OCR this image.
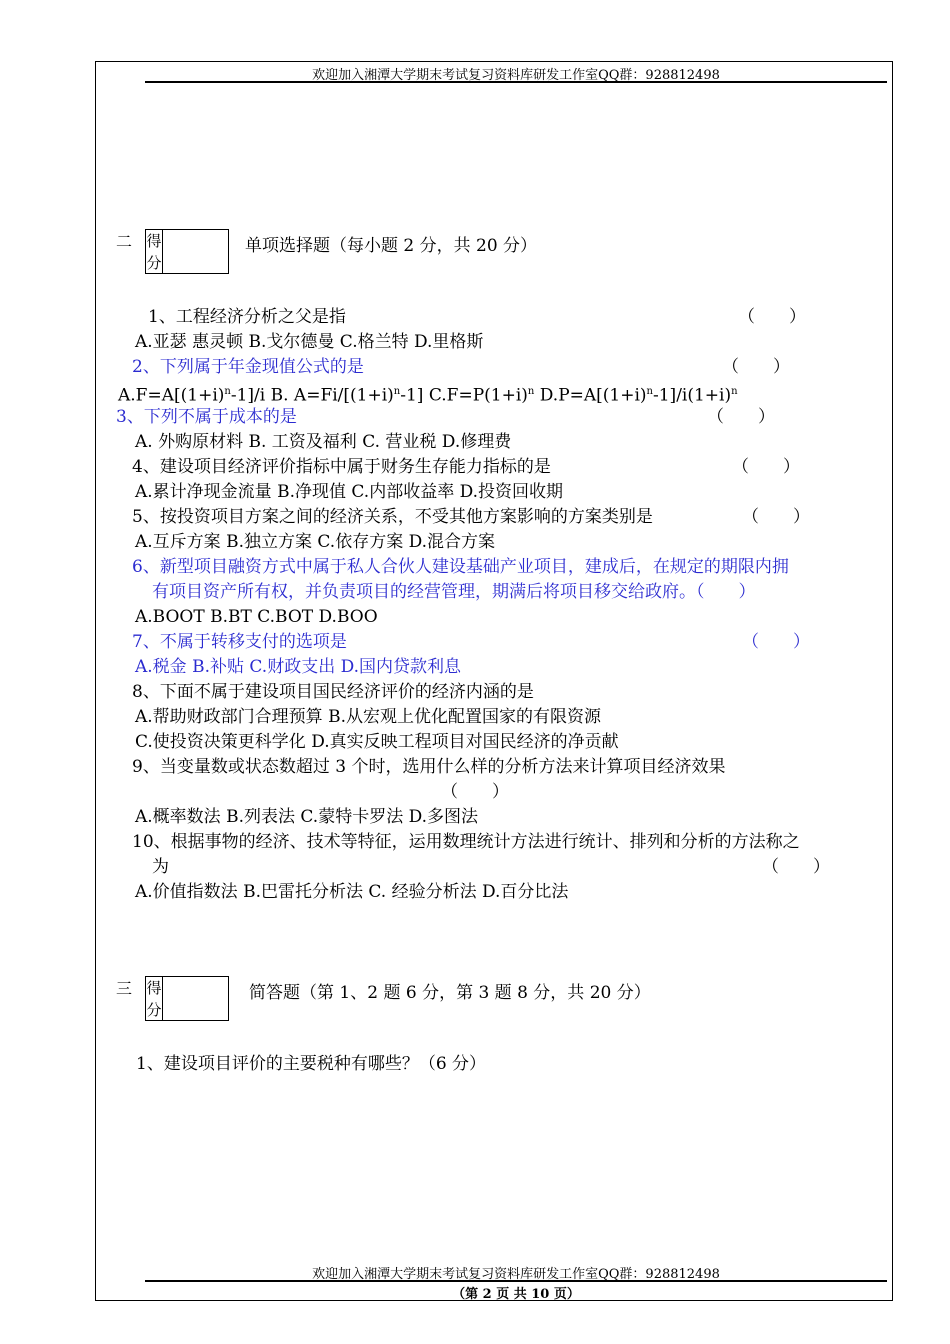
欢迎加入湘潭大学期末考试复习资料库研发工作室QQ群：928812498
二 得
分
单项选择题（每小题 2 分，共 20 分）
1、工程经济分析之父是指	（　　）
A.亚瑟 惠灵顿 B.戈尔德曼 C.格兰特 D.里格斯
2、下列属于年金现值公式的是	（　　）
$A.F=A[(1+i)^n-1]/i$ B. $A=Fi/[(1+i)^n-1]$ $C.F=P(1+i)^n$ $D.P=A[(1+i)^n-1]/i(1+i)^n$
3、下列不属于成本的是	（　　）
A. 外购原材料 B. 工资及福利 C. 营业税 D.修理费
4、建设项目经济评价指标中属于财务生存能力指标的是	（　　）
A.累计净现金流量 B.净现值 C.内部收益率 D.投资回收期
5、按投资项目方案之间的经济关系，不受其他方案影响的方案类别是	（　　）
A.互斥方案 B.独立方案 C.依存方案 D.混合方案
6、新型项目融资方式中属于私人合伙人建设基础产业项目，建成后，在规定的期限内拥
有项目资产所有权，并负责项目的经营管理，期满后将项目移交给政府。（　　）
A.BOOT B.BT C.BOT D.BOO
7、不属于转移支付的选项是	（　　）
A.税金 B.补贴 C.财政支出 D.国内贷款利息
8、下面不属于建设项目国民经济评价的经济内涵的是
A.帮助财政部门合理预算 B.从宏观上优化配置国家的有限资源
C.使投资决策更科学化 D.真实反映工程项目对国民经济的净贡献
9、当变量数或状态数超过 3 个时，选用什么样的分析方法来计算项目经济效果
（　　）
A.概率数法 B.列表法 C.蒙特卡罗法 D.多图法
10、根据事物的经济、技术等特征，运用数理统计方法进行统计、排列和分析的方法称之
为	（　　）
A.价值指数法 B.巴雷托分析法 C. 经验分析法 D.百分比法
三 得
分
简答题（第 1、2 题 6 分，第 3 题 8 分，共 20 分）
1、建设项目评价的主要税种有哪些？（6 分）
欢迎加入湘潭大学期末考试复习资料库研发工作室QQ群：928812498
（第 2 页 共 10 页）
